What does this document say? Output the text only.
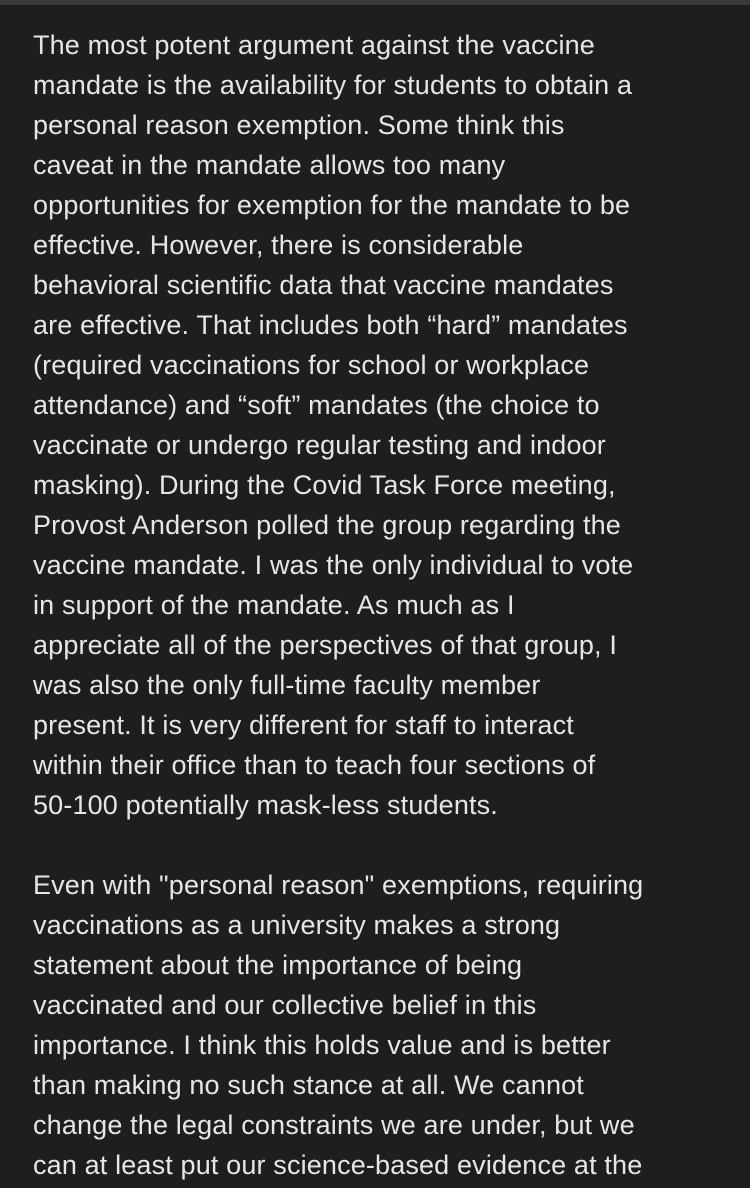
The most potent argument against the vaccine
mandate is the availability for students to obtain a
personal reason exemption. Some think this
caveat in the mandate allows too many
opportunities for exemption for the mandate to be
effective. However, there is considerable
behavioral scientific data that vaccine mandates
are effective. That includes both “hard” mandates
(required vaccinations for school or workplace
attendance) and “soft” mandates (the choice to
vaccinate or undergo regular testing and indoor
masking). During the Covid Task Force meeting,
Provost Anderson polled the group regarding the
vaccine mandate. I was the only individual to vote
in support of the mandate. As much as I
appreciate all of the perspectives of that group, I
was also the only full-time faculty member
present. It is very different for staff to interact
within their office than to teach four sections of
50-100 potentially mask-less students.
Even with "personal reason" exemptions, requiring
vaccinations as a university makes a strong
statement about the importance of being
vaccinated and our collective belief in this
importance. I think this holds value and is better
than making no such stance at all. We cannot
change the legal constraints we are under, but we
can at least put our science-based evidence at the
